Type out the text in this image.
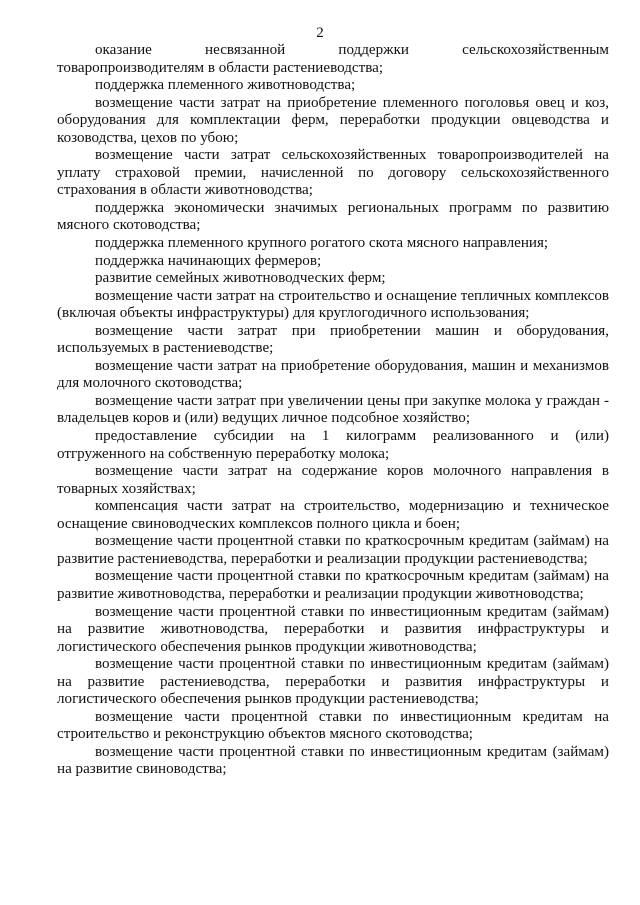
2

оказание несвязанной поддержки сельскохозяйственным товаропроизводителям в области растениеводства;

поддержка племенного животноводства;

возмещение части затрат на приобретение племенного поголовья овец и коз, оборудования для комплектации ферм, переработки продукции овцеводства и козоводства, цехов по убою;

возмещение части затрат сельскохозяйственных товаропроизводителей на уплату страховой премии, начисленной по договору сельскохозяйственного страхования в области животноводства;

поддержка экономически значимых региональных программ по развитию мясного скотоводства;

поддержка племенного крупного рогатого скота мясного направления;

поддержка начинающих фермеров;

развитие семейных животноводческих ферм;

возмещение части затрат на строительство и оснащение тепличных комплексов (включая объекты инфраструктуры) для круглогодичного использования;

возмещение части затрат при приобретении машин и оборудования, используемых в растениеводстве;

возмещение части затрат на приобретение оборудования, машин и механизмов для молочного скотоводства;

возмещение части затрат при увеличении цены при закупке молока у граждан - владельцев коров и (или) ведущих личное подсобное хозяйство;

предоставление субсидии на 1 килограмм реализованного и (или) отгруженного на собственную переработку молока;

возмещение части затрат на содержание коров молочного направления в товарных хозяйствах;

компенсация части затрат на строительство, модернизацию и техническое оснащение свиноводческих комплексов полного цикла и боен;

возмещение части процентной ставки по краткосрочным кредитам (займам) на развитие растениеводства, переработки и реализации продукции растениеводства;

возмещение части процентной ставки по краткосрочным кредитам (займам) на развитие животноводства, переработки и реализации продукции животноводства;

возмещение части процентной ставки по инвестиционным кредитам (займам) на развитие животноводства, переработки и развития инфраструктуры и логистического обеспечения рынков продукции животноводства;

возмещение части процентной ставки по инвестиционным кредитам (займам) на развитие растениеводства, переработки и развития инфраструктуры и логистического обеспечения рынков продукции растениеводства;

возмещение части процентной ставки по инвестиционным кредитам на строительство и реконструкцию объектов мясного скотоводства;

возмещение части процентной ставки по инвестиционным кредитам (займам) на развитие свиноводства;
